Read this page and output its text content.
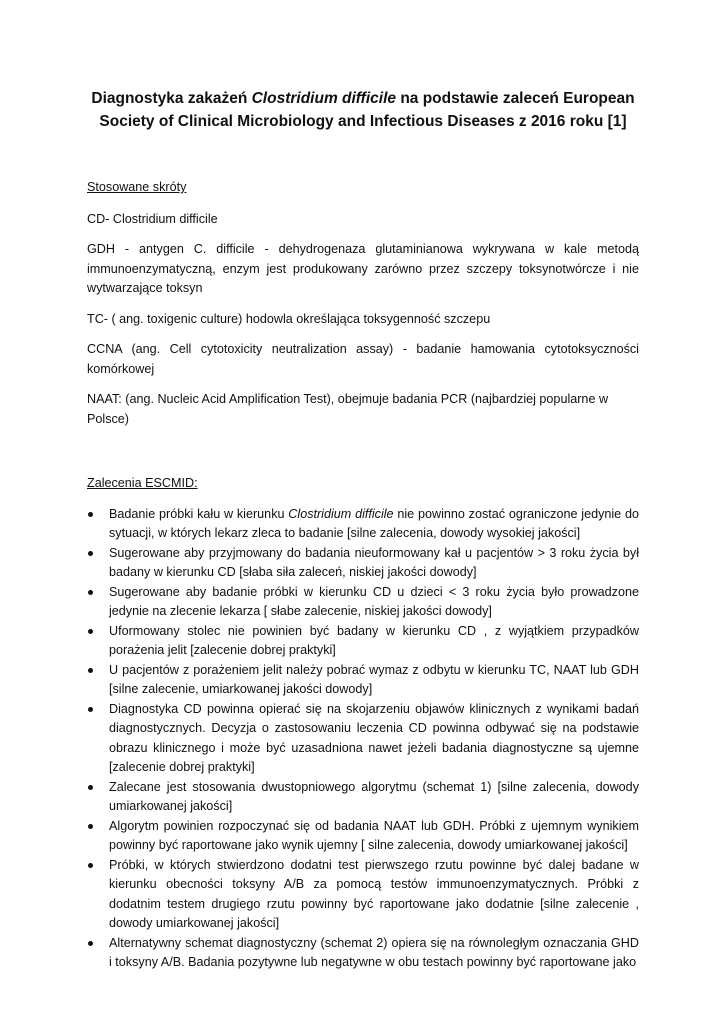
Diagnostyka zakażeń Clostridium difficile na podstawie zaleceń European
Society of Clinical Microbiology and Infectious Diseases z 2016 roku [1]

Stosowane skróty

CD- Clostridium difficile

GDH - antygen C. difficile - dehydrogenaza glutaminianowa wykrywana w kale metodą immunoenzymatyczną, enzym jest produkowany zarówno przez szczepy toksynotwórcze i nie wytwarzające toksyn

TC- ( ang. toxigenic culture) hodowla określająca toksygenność szczepu

CCNA (ang. Cell cytotoxicity neutralization assay) - badanie hamowania cytotoksyczności komórkowej

NAAT: (ang. Nucleic Acid Amplification Test), obejmuje badania PCR (najbardziej popularne w Polsce)

Zalecenia ESCMID:

Badanie próbki kału w kierunku Clostridium difficile nie powinno zostać ograniczone jedynie do sytuacji, w których lekarz zleca to badanie [silne zalecenia, dowody wysokiej jakości]
Sugerowane aby przyjmowany do badania nieuformowany kał u pacjentów > 3 roku życia był badany w kierunku CD [słaba siła zaleceń, niskiej jakości dowody]
Sugerowane aby badanie próbki w kierunku CD u dzieci < 3 roku życia było prowadzone jedynie na zlecenie lekarza [ słabe zalecenie, niskiej jakości dowody]
Uformowany stolec nie powinien być badany w kierunku CD , z wyjątkiem przypadków porażenia jelit [zalecenie dobrej praktyki]
U pacjentów z porażeniem jelit należy pobrać wymaz z odbytu w kierunku TC, NAAT lub GDH [silne zalecenie, umiarkowanej jakości dowody]
Diagnostyka CD powinna opierać się na skojarzeniu objawów klinicznych z wynikami badań diagnostycznych. Decyzja o zastosowaniu leczenia CD powinna odbywać się na podstawie obrazu klinicznego i może być uzasadniona nawet jeżeli badania diagnostyczne są ujemne [zalecenie dobrej praktyki]
Zalecane jest stosowania dwustopniowego algorytmu (schemat 1) [silne zalecenia, dowody umiarkowanej jakości]
Algorytm powinien rozpoczynać się od badania NAAT lub GDH. Próbki z ujemnym wynikiem powinny być raportowane jako wynik ujemny [ silne zalecenia, dowody umiarkowanej jakości]
Próbki, w których stwierdzono dodatni test pierwszego rzutu powinne być dalej badane w kierunku obecności toksyny A/B za pomocą testów immunoenzymatycznych. Próbki z dodatnim testem drugiego rzutu powinny być raportowane jako dodatnie [silne zalecenie , dowody umiarkowanej jakości]
Alternatywny schemat diagnostyczny (schemat 2) opiera się na równoległym oznaczania GHD i toksyny A/B. Badania pozytywne lub negatywne w obu testach powinny być raportowane jako
